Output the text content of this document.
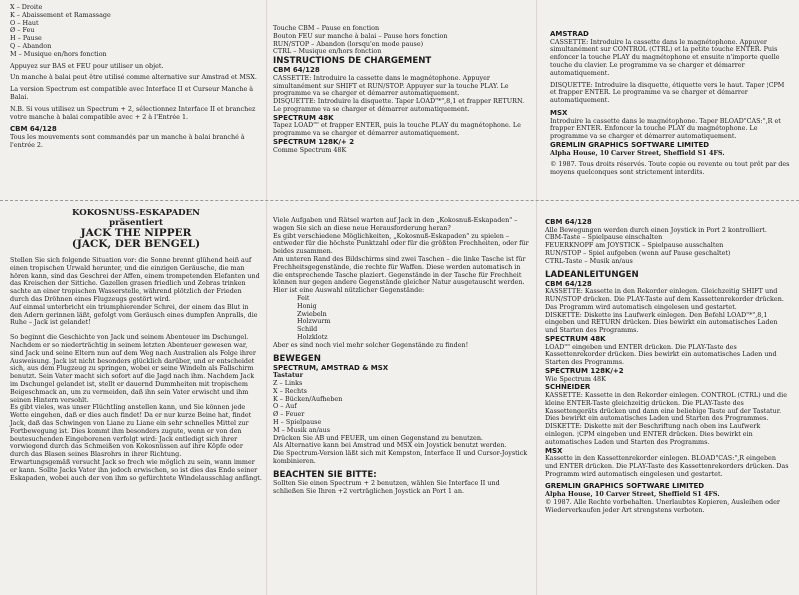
X – Droite

K – Abaissement et Ramassage

O – Haut

Ø – Feu

H – Pause

Q – Abandon

M – Musique en/hors fonction

Appuyez sur BAS et FEU pour utiliser un objet.

Un manche à balai peut être utilisé comme alternative sur Amstrad et MSX.

La version Spectrum est compatible avec Interface II et Curseur Manche à Balai.

N.B. Si vous utilisez un Spectrum + 2, sélectionnez Interface II et branchez votre manche à balai compatible avec + 2 à l'Entrée 1.

CBM 64/128

Tous les mouvements sont commandés par un manche à balai branché à l'entrée 2.

Touche CBM – Pause en fonction

Bouton FEU sur manche à balai – Pause hors fonction

RUN/STOP – Abandon (lorsqu'en mode pause)

CTRL – Musique en/hors fonction

INSTRUCTIONS DE CHARGEMENT

CBM 64/128

CASSETTE: Introduire la cassette dans le magnétophone. Appuyer simultanément sur SHIFT et RUN/STOP. Appuyer sur la touche PLAY. Le programme va se charger et démarrer automatiquement.

DISQUETTE: Introduire la disquette. Taper LOAD"*",8,1 et frapper RETURN. Le programme va se charger et démarrer automatiquement.

SPECTRUM 48K

Tapez LOAD"" et frapper ENTER, puis la touche PLAY du magnétophone. Le programme va se charger et démarrer automatiquement.

SPECTRUM 128K/+ 2

Comme Spectrum 48K

AMSTRAD

CASSETTE: Introduire la cassette dans le magnétophone. Appuyer simultanément sur CONTROL (CTRL) et la petite touche ENTER. Puis enfoncer la touche PLAY du magnétophone et ensuite n'importe quelle touche du clavier. Le programme va se charger et démarrer automatiquement.

DISQUETTE: Introduire la disquette, étiquette vers le haut. Taper ¦CPM et frapper ENTER. Le programme va se charger et démarrer automatiquement.

MSX

Introduire la cassette dans le magnétophone. Taper BLOAD"CAS:",R et frapper ENTER. Enfoncer la touche PLAY du magnétophone. Le programme va se charger et démarrer automatiquement.

GREMLIN GRAPHICS SOFTWARE LIMITED

Alpha House, 10 Carver Street, Sheffield S1 4FS.

© 1987. Tous droits réservés. Toute copie ou revente ou tout prêt par des moyens quelconques sont strictement interdits.

KOKOSNUSS-ESKAPADEN

präsentiert

JACK THE NIPPER

(JACK, DER BENGEL)

Stellen Sie sich folgende Situation vor: die Sonne brennt glühend heiß auf einen tropischen Urwald herunter, und die einzigen Geräusche, die man hören kann, sind das Geschrei der Affen, einem trompetenden Elefanten und das Kreischen der Sittiche. Gazellen grasen friedlich und Zebras trinken sachte an einer tropischen Wasserstelle, während plötzlich der Frieden durch das Dröhnen eines Flugzeugs gestört wird.

Auf einmal unterbricht ein triumphierender Schrei, der einem das Blut in den Adern gerinnen läßt, gefolgt vom Geräusch eines dumpfen Anpralls, die Ruhe – Jack ist gelandet!

So beginnt die Geschichte von Jack und seinem Abenteuer im Dschungel. Nachdem er so niederträchtig in seinem letzten Abenteuer gewesen war, sind Jack und seine Eltern nun auf dem Weg nach Australien als Folge ihrer Ausweisung. Jack ist nicht besonders glücklich darüber, und er entscheidet sich, aus dem Flugzeug zu springen, wobei er seine Windeln als Fallschirm benutzt. Sein Vater macht sich sofort auf die Jagd nach ihm. Nachdem Jack im Dschungel gelandet ist, stellt er dauernd Dummheiten mit tropischem Beigeschmack an, um zu vermeiden, daß ihn sein Vater erwischt und ihm seinen Hintern versohlt.

Es gibt vieles, was unser Flüchtling anstellen kann, und Sie können jede Wette eingehen, daß er dies auch findet! Da er nur kurze Beine hat, findet Jack, daß das Schwingen von Liane zu Liane ein sehr schnelles Mittel zur Fortbewegung ist. Dies kommt ihm besonders zugute, wenn er von den beutesuchenden Eingeborenen verfolgt wird: Jack entledigt sich ihrer vorwiegend durch das Schmeißen von Kokosnüssen auf ihre Köpfe oder durch das Blasen seines Blasrohrs in ihrer Richtung.

Erwartungsgemäß versucht Jack so frech wie möglich zu sein, wann immer er kann. Sollte Jacks Vater ihn jedoch erwischen, so ist dies das Ende seiner Eskapaden, wobei auch der von ihm so gefürchtete Windelausschlag anfängt.

Viele Aufgaben und Rätsel warten auf Jack in den „Kokosnuß-Eskapaden" – wagen Sie sich an diese neue Herausforderung heran?

Es gibt verschiedene Möglichkeiten, „Kokosnuß-Eskapaden" zu spielen – entweder für die höchste Punktzahl oder für die größten Frechheiten, oder für beides zusammen.

Am unteren Rand des Bildschirms sind zwei Taschen – die linke Tasche ist für Frechheitsgegenstände, die rechte für Waffen. Diese werden automatisch in die entsprechende Tasche plaziert. Gegenstände in der Tasche für Frechheit können nur gegen andere Gegenstände gleicher Natur ausgetauscht werden.

Hier ist eine Auswahl nützlicher Gegenstände:

Feit

Honig

Zwiebeln

Holzwurm

Schild

Holzklotz

Aber es sind noch viel mehr solcher Gegenstände zu finden!

BEWEGEN

SPECTRUM, AMSTRAD & MSX

Tastatur

Z – Links

X – Rechts

K – Bücken/Aufheben

O – Auf

Ø – Feuer

H – Spielpause

M – Musik an/aus

Drücken Sie AB und FEUER, um einen Gegenstand zu benutzen.

Als Alternative kann bei Amstrad und MSX ein Joystick benutzt werden.

Die Spectrum-Version läßt sich mit Kempston, Interface II und Cursor-Joystick kombinieren.

BEACHTEN SIE BITTE:

Sollten Sie einen Spectrum + 2 benutzen, wählen Sie Interface II und schließen Sie Ihren +2 verträglichen Joystick an Port 1 an.

CBM 64/128

Alle Bewegungen werden durch einen Joystick in Port 2 kontrolliert.

CBM-Taste – Spielpause einschalten

FEUERKNOPF am JOYSTICK – Spielpause ausschalten

RUN/STOP – Spiel aufgeben (wenn auf Pause geschaltet)

CTRL-Taste – Musik an/aus

LADEANLEITUNGEN

CBM 64/128

KASSETTE: Kassette in den Rekorder einlegen. Gleichzeitig SHIFT und RUN/STOP drücken. Die PLAY-Taste auf dem Kassettenrekorder drücken. Das Programm wird automatisch eingelesen und gestartet.

DISKETTE: Diskette ins Laufwerk einlegen. Den Befehl LOAD"*",8,1 eingeben und RETURN drücken. Dies bewirkt ein automatisches Laden und Starten des Programms.

SPECTRUM 48K

LOAD"" eingeben und ENTER drücken. Die PLAY-Taste des Kassettenrekorder drücken. Dies bewirkt ein automatisches Laden und Starten des Programms.

SPECTRUM 128K/+2

Wie Spectrum 48K

SCHNEIDER

KASSETTE: Kassette in den Rekorder einlegen. CONTROL (CTRL) und die kleine ENTER-Taste gleichzeitig drücken. Die PLAY-Taste des Kassettengeräts drücken und dann eine beliebige Taste auf der Tastatur. Dies bewirkt ein automatisches Laden und Starten des Programmes.

DISKETTE: Diskette mit der Beschriftung nach oben ins Laufwerk einlegen. ¦CPM eingeben und ENTER drücken. Dies bewirkt ein automatisches Laden und Starten des Programms.

MSX

Kassette in den Kassettenrekorder einlegen. BLOAD"CAS:",R eingeben und ENTER drücken. Die PLAY-Taste des Kassettenrekorders drücken. Das Programm wird automatisch eingelesen und gestartet.

GREMLIN GRAPHICS SOFTWARE LIMITED

Alpha House, 10 Carver Street, Sheffield S1 4FS.

© 1987. Alle Rechte vorbehalten. Unerlaubtes Kopieren, Ausleihen oder Wiederverkaufen jeder Art strengstens verboten.
